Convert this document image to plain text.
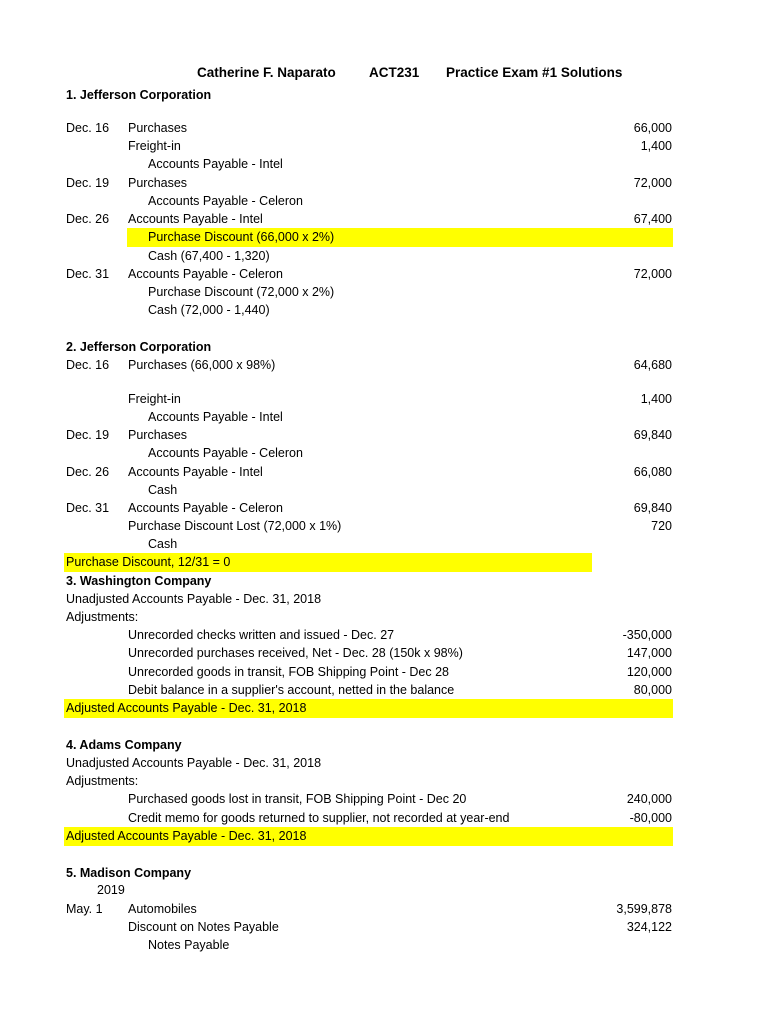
Catherine F. Naparato ACT231 Practice Exam #1 Solutions
1. Jefferson Corporation
Dec. 16 Purchases	66,000
Freight-in	1,400
Accounts Payable - Intel
Dec. 19 Purchases	72,000
Accounts Payable - Celeron
Dec. 26 Accounts Payable - Intel	67,400
Purchase Discount (66,000 x 2%)
Cash (67,400 - 1,320)
Dec. 31 Accounts Payable - Celeron	72,000
Purchase Discount (72,000 x 2%)
Cash (72,000 - 1,440)
2. Jefferson Corporation
Dec. 16 Purchases (66,000 x 98%)	64,680
Freight-in	1,400
Accounts Payable - Intel
Dec. 19 Purchases	69,840
Accounts Payable - Celeron
Dec. 26 Accounts Payable - Intel	66,080
Cash
Dec. 31 Accounts Payable - Celeron	69,840
Purchase Discount Lost (72,000 x 1%)	720
Cash
Purchase Discount, 12/31 = 0
3. Washington Company
Unadjusted Accounts Payable - Dec. 31, 2018
Adjustments:
Unrecorded checks written and issued - Dec. 27	-350,000
Unrecorded purchases received, Net - Dec. 28 (150k x 98%)	147,000
Unrecorded goods in transit, FOB Shipping Point - Dec 28	120,000
Debit balance in a supplier's account, netted in the balance	80,000
Adjusted Accounts Payable - Dec. 31, 2018
4. Adams Company
Unadjusted Accounts Payable - Dec. 31, 2018
Adjustments:
Purchased goods lost in transit, FOB Shipping Point - Dec 20	240,000
Credit memo for goods returned to supplier, not recorded at year-end	-80,000
Adjusted Accounts Payable - Dec. 31, 2018
5. Madison Company
2019
May. 1 Automobiles	3,599,878
Discount on Notes Payable	324,122
Notes Payable
